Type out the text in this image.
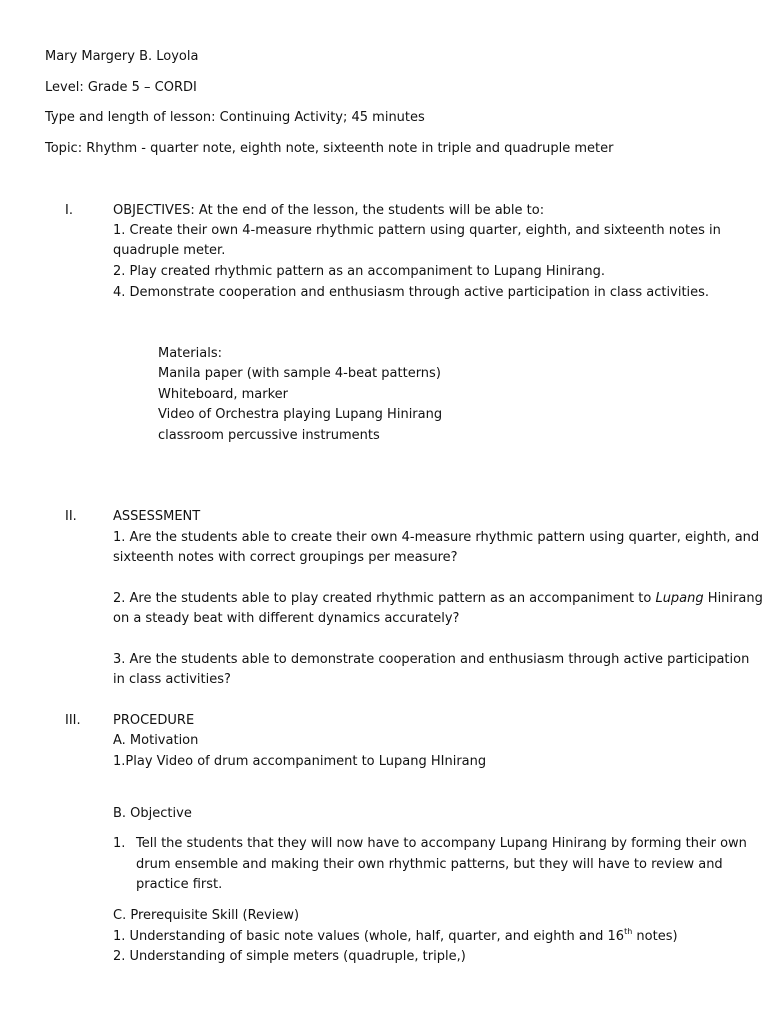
Mary Margery B. Loyola
Level: Grade 5 – CORDI
Type and length of lesson: Continuing Activity; 45 minutes
Topic: Rhythm - quarter note, eighth note, sixteenth note in triple and quadruple meter
I.	OBJECTIVES: At the end of the lesson, the students will be able to:
1. Create their own 4-measure rhythmic pattern using quarter, eighth, and sixteenth notes in
quadruple meter.
2. Play created rhythmic pattern as an accompaniment to Lupang Hinirang.
4. Demonstrate cooperation and enthusiasm through active participation in class activities.
Materials:
Manila paper (with sample 4-beat patterns)
Whiteboard, marker
Video of Orchestra playing Lupang Hinirang
classroom percussive instruments
II.	ASSESSMENT
1. Are the students able to create their own 4-measure rhythmic pattern using quarter, eighth, and
sixteenth notes with correct groupings per measure?
2. Are the students able to play created rhythmic pattern as an accompaniment to Lupang Hinirang
on a steady beat with different dynamics accurately?
3. Are the students able to demonstrate cooperation and enthusiasm through active participation
in class activities?
III. PROCEDURE
A. Motivation
1.Play Video of drum accompaniment to Lupang HInirang
B. Objective
1. Tell the students that they will now have to accompany Lupang Hinirang by forming their own
drum ensemble and making their own rhythmic patterns, but they will have to review and
practice first.
C. Prerequisite Skill (Review)
1. Understanding of basic note values (whole, half, quarter, and eighth and 16th notes)
2. Understanding of simple meters (quadruple, triple,)
